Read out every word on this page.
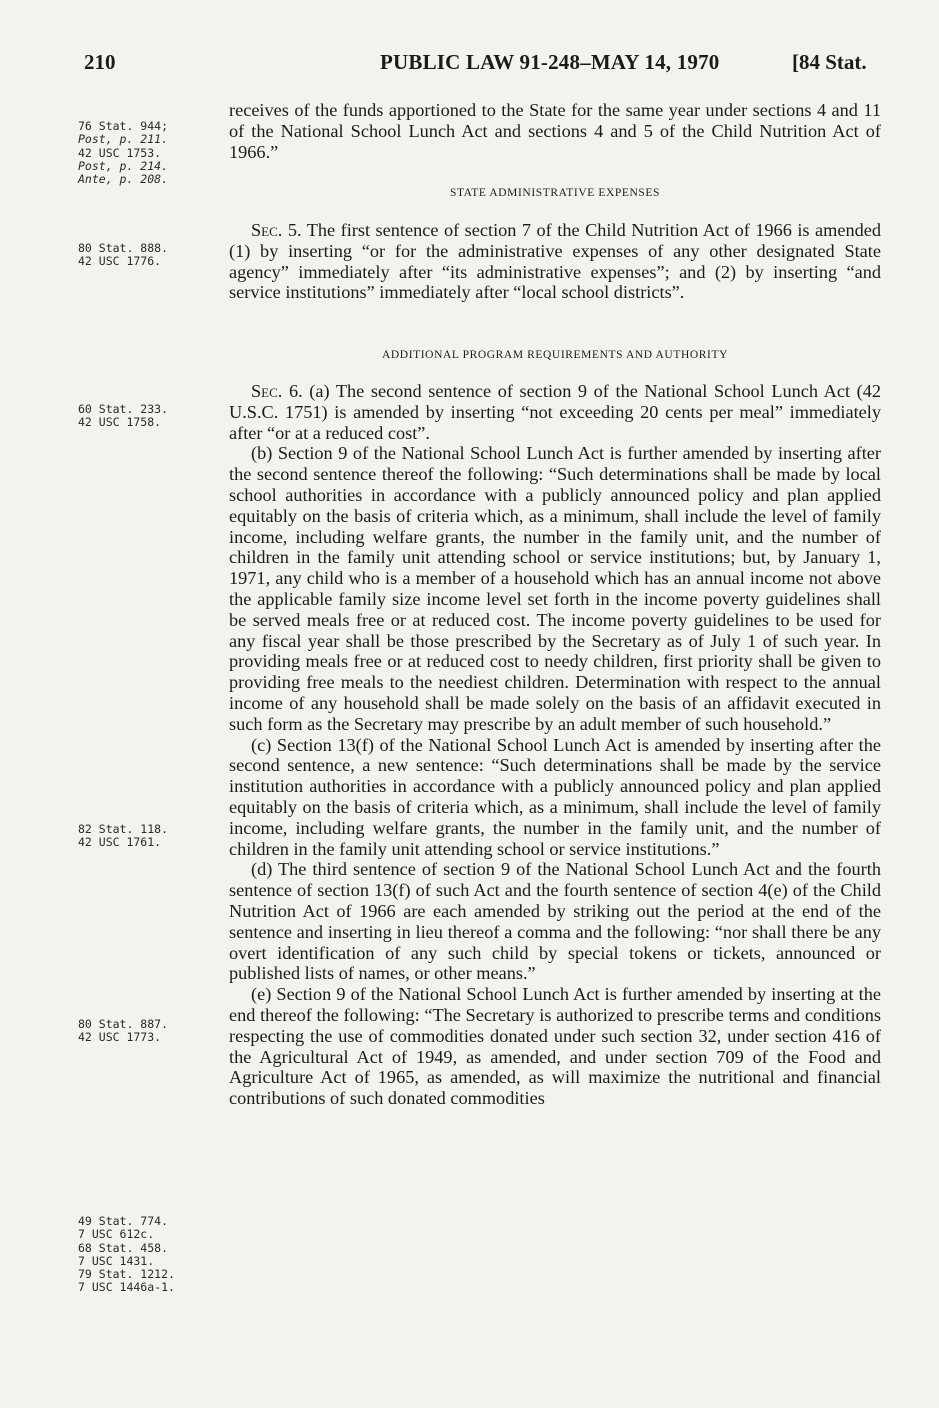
210	PUBLIC LAW 91-248–MAY 14, 1970	[84 Stat.
76 Stat. 944;
Post, p. 211.
42 USC 1753.
Post, p. 214.
Ante, p. 208.
80 Stat. 888.
42 USC 1776.
60 Stat. 233.
42 USC 1758.
82 Stat. 118.
42 USC 1761.
80 Stat. 887.
42 USC 1773.
49 Stat. 774.
7 USC 612c.
68 Stat. 458.
7 USC 1431.
79 Stat. 1212.
7 USC 1446a-1.

receives of the funds apportioned to the State for the same year under sections 4 and 11 of the National School Lunch Act and sections 4 and 5 of the Child Nutrition Act of 1966.”

STATE ADMINISTRATIVE EXPENSES

Sec. 5. The first sentence of section 7 of the Child Nutrition Act of 1966 is amended (1) by inserting “or for the administrative expenses of any other designated State agency” immediately after “its administrative expenses”; and (2) by inserting “and service institutions” immediately after “local school districts”.

ADDITIONAL PROGRAM REQUIREMENTS AND AUTHORITY

Sec. 6. (a) The second sentence of section 9 of the National School Lunch Act (42 U.S.C. 1751) is amended by inserting “not exceeding 20 cents per meal” immediately after “or at a reduced cost”.

(b) Section 9 of the National School Lunch Act is further amended by inserting after the second sentence thereof the following: “Such determinations shall be made by local school authorities in accordance with a publicly announced policy and plan applied equitably on the basis of criteria which, as a minimum, shall include the level of family income, including welfare grants, the number in the family unit, and the number of children in the family unit attending school or service institutions; but, by January 1, 1971, any child who is a member of a household which has an annual income not above the applicable family size income level set forth in the income poverty guidelines shall be served meals free or at reduced cost. The income poverty guidelines to be used for any fiscal year shall be those prescribed by the Secretary as of July 1 of such year. In providing meals free or at reduced cost to needy children, first priority shall be given to providing free meals to the neediest children. Determination with respect to the annual income of any household shall be made solely on the basis of an affidavit executed in such form as the Secretary may prescribe by an adult member of such household.”

(c) Section 13(f) of the National School Lunch Act is amended by inserting after the second sentence, a new sentence: “Such determinations shall be made by the service institution authorities in accordance with a publicly announced policy and plan applied equitably on the basis of criteria which, as a minimum, shall include the level of family income, including welfare grants, the number in the family unit, and the number of children in the family unit attending school or service institutions.”

(d) The third sentence of section 9 of the National School Lunch Act and the fourth sentence of section 13(f) of such Act and the fourth sentence of section 4(e) of the Child Nutrition Act of 1966 are each amended by striking out the period at the end of the sentence and inserting in lieu thereof a comma and the following: “nor shall there be any overt identification of any such child by special tokens or tickets, announced or published lists of names, or other means.”

(e) Section 9 of the National School Lunch Act is further amended by inserting at the end thereof the following: “The Secretary is authorized to prescribe terms and conditions respecting the use of commodities donated under such section 32, under section 416 of the Agricultural Act of 1949, as amended, and under section 709 of the Food and Agriculture Act of 1965, as amended, as will maximize the nutritional and financial contributions of such donated commodities
